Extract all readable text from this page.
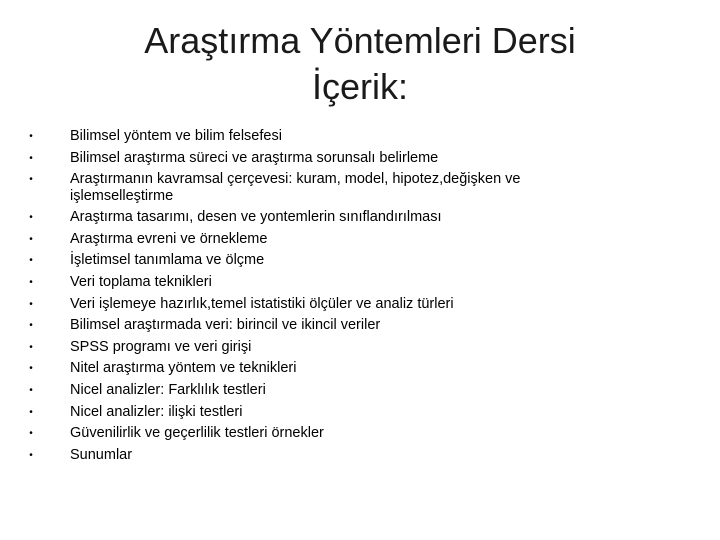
Araştırma Yöntemleri Dersi
İçerik:
•	Bilimsel yöntem ve bilim felsefesi
•	Bilimsel araştırma süreci ve araştırma sorunsalı belirleme
•	Araştırmanın kavramsal çerçevesi: kuram, model, hipotez,değişken ve işlemselleştirme
•	Araştırma tasarımı, desen ve yontemlerin sınıflandırılması
•	Araştırma evreni ve örnekleme
•	İşletimsel tanımlama ve ölçme
•	Veri toplama teknikleri
•	Veri işlemeye hazırlık,temel istatistiki ölçüler ve analiz türleri
•	Bilimsel araştırmada veri: birincil ve ikincil veriler
•	SPSS programı ve veri girişi
•	Nitel araştırma yöntem ve teknikleri
•	Nicel analizler: Farklılık testleri
•	Nicel analizler: ilişki testleri
•	Güvenilirlik ve geçerlilik testleri örnekler
•	Sunumlar
